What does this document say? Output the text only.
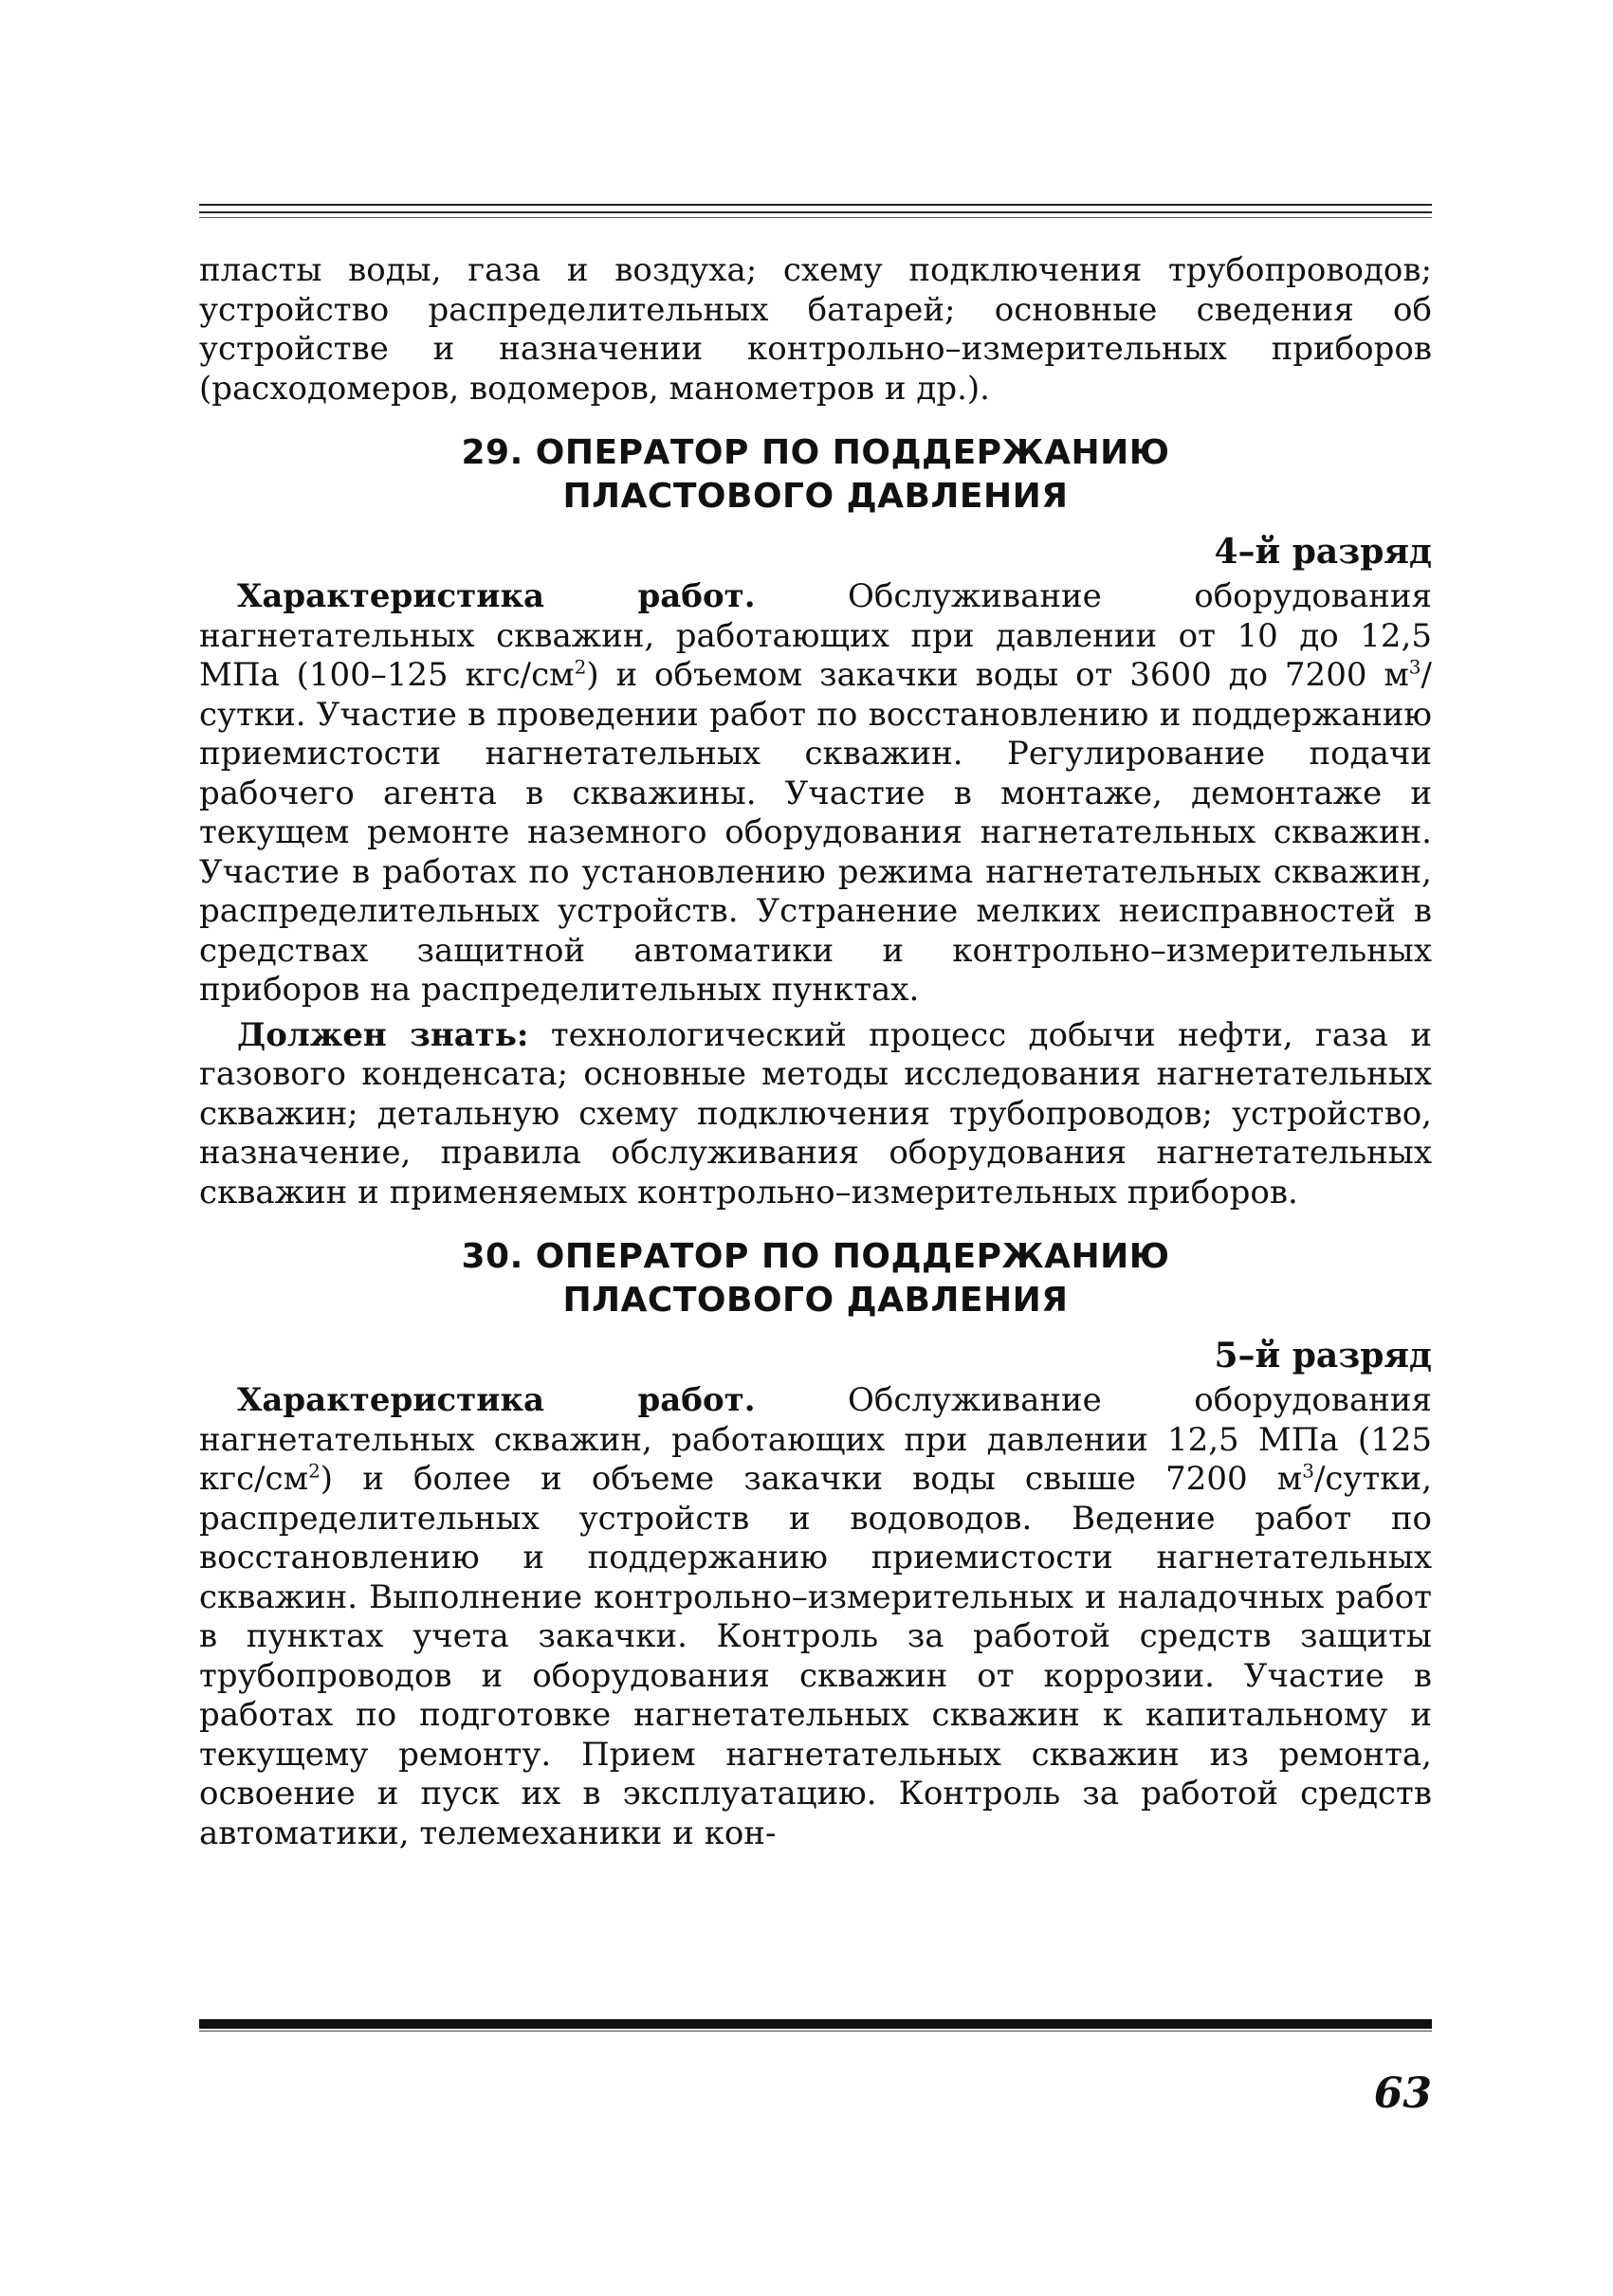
пласты воды, газа и воздуха; схему подключения трубопроводов; устройство распределительных батарей; основные сведения об устройстве и назначении контрольно–измерительных приборов (расходомеров, водомеров, манометров и др.).

29. ОПЕРАТОР ПО ПОДДЕРЖАНИЮ
ПЛАСТОВОГО ДАВЛЕНИЯ
4–й разряд

Характеристика работ. Обслуживание оборудования нагнетательных скважин, работающих при давлении от 10 до 12,5 МПа (100–125 кгс/$см^2$) и объемом закачки воды от 3600 до 7200 $м^3$/сутки. Участие в проведении работ по восстановлению и поддержанию приемистости нагнетательных скважин. Регулирование подачи рабочего агента в скважины. Участие в монтаже, демонтаже и текущем ремонте наземного оборудования нагнетательных скважин. Участие в работах по установлению режима нагнетательных скважин, распределительных устройств. Устранение мелких неисправностей в средствах защитной автоматики и контрольно–измерительных приборов на распределительных пунктах.

Должен знать: технологический процесс добычи нефти, газа и газового конденсата; основные методы исследования нагнетательных скважин; детальную схему подключения трубопроводов; устройство, назначение, правила обслуживания оборудования нагнетательных скважин и применяемых контрольно–измерительных приборов.

30. ОПЕРАТОР ПО ПОДДЕРЖАНИЮ
ПЛАСТОВОГО ДАВЛЕНИЯ
5–й разряд

Характеристика работ. Обслуживание оборудования нагнетательных скважин, работающих при давлении 12,5 МПа (125 кгс/$см^2$) и более и объеме закачки воды свыше 7200 $м^3$/сутки, распределительных устройств и водоводов. Ведение работ по восстановлению и поддержанию приемистости нагнетательных скважин. Выполнение контрольно–измерительных и наладочных работ в пунктах учета закачки. Контроль за работой средств защиты трубопроводов и оборудования скважин от коррозии. Участие в работах по подготовке нагнетательных скважин к капитальному и текущему ремонту. Прием нагнетательных скважин из ремонта, освоение и пуск их в эксплуатацию. Контроль за работой средств автоматики, телемеханики и кон-

63
